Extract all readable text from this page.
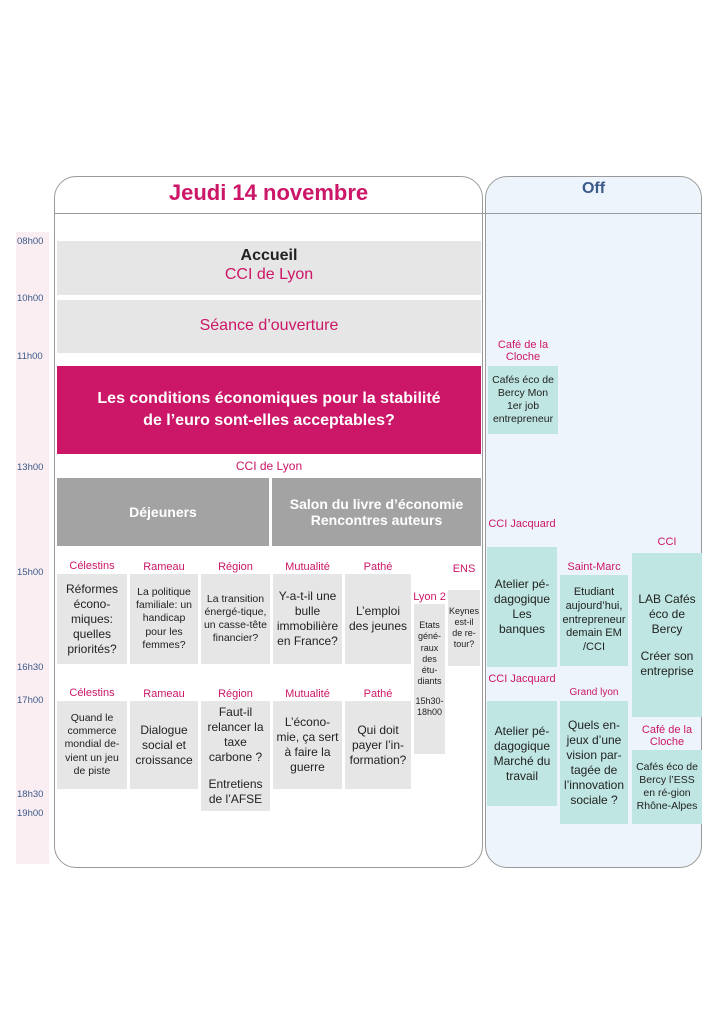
Jeudi 14 novembre	Off
08h00
10h00
11h00
13h00
15h00
16h30
17h00
18h30
19h00
Accueil
CCI de Lyon
Séance d’ouverture
Les conditions économiques pour la stabilité
de l’euro sont-elles acceptables?
CCI de Lyon
Déjeuners	Salon du livre d’économie
Rencontres auteurs
Célestins
Réformes écono-miques: quelles priorités?
Rameau
La politique familiale: un handicap pour les femmes?
Région
La transition énergé-tique, un casse-tête financier?
Mutualité
Y-a-t-il une bulle immobilière en France?
Pathé
L’emploi des jeunes
Lyon 2
Etats géné-raux des étu-diants
15h30-18h00
ENS
Keynes est-il de re-tour?
Célestins
Quand le commerce mondial de-vient un jeu de piste
Rameau
Dialogue social et croissance
Région
Faut-il relancer la taxe carbone ?
Entretiens de l’AFSE
Mutualité
L’écono-mie, ça sert à faire la guerre
Pathé
Qui doit payer l’in-formation?
Café de la Cloche
Cafés éco de Bercy Mon 1er job entrepreneur
CCI Jacquard
Atelier pé-dagogique Les banques
Saint-Marc
Etudiant aujourd’hui, entrepreneur demain EM /CCI
CCI
LAB Cafés éco de Bercy
Créer son entreprise
CCI Jacquard
Atelier pé-dagogique Marché du travail
Grand lyon
Quels en-jeux d’une vision par-tagée de l’innovation sociale ?
Café de la Cloche
Cafés éco de Bercy l’ESS en ré-gion Rhône-Alpes
